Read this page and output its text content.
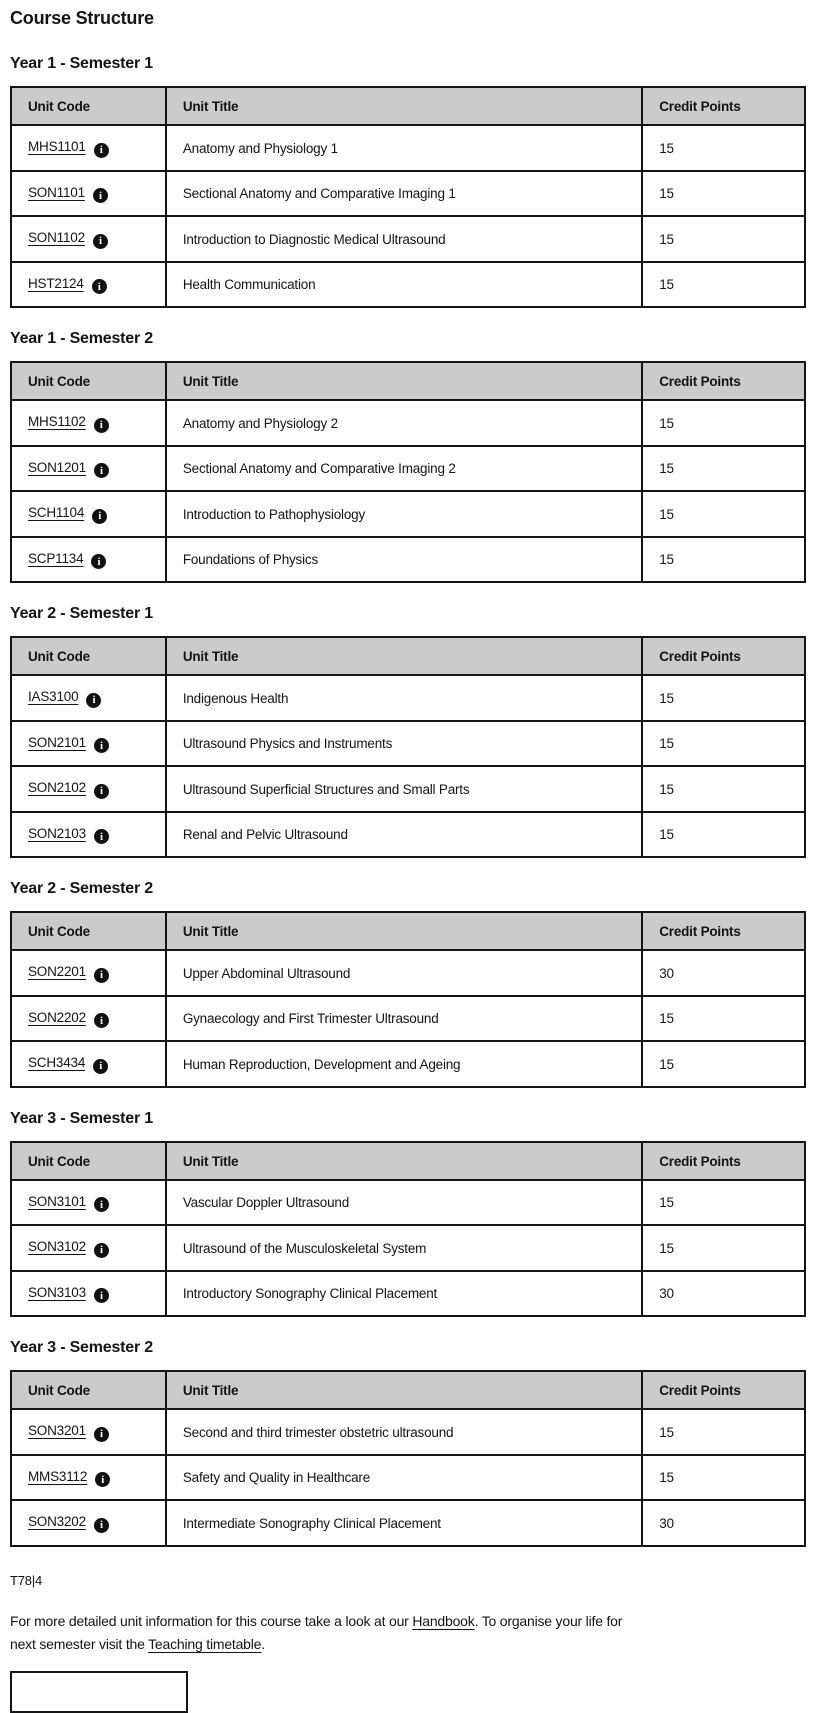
Course Structure
Year 1 - Semester 1
Unit Code	Unit Title	Credit Points
MHS1101 i	Anatomy and Physiology 1	15
SON1101 i	Sectional Anatomy and Comparative Imaging 1	15
SON1102 i	Introduction to Diagnostic Medical Ultrasound	15
HST2124 i	Health Communication	15
Year 1 - Semester 2
Unit Code	Unit Title	Credit Points
MHS1102 i	Anatomy and Physiology 2	15
SON1201 i	Sectional Anatomy and Comparative Imaging 2	15
SCH1104 i	Introduction to Pathophysiology	15
SCP1134 i	Foundations of Physics	15
Year 2 - Semester 1
Unit Code	Unit Title	Credit Points
IAS3100 i	Indigenous Health	15
SON2101 i	Ultrasound Physics and Instruments	15
SON2102 i	Ultrasound Superficial Structures and Small Parts	15
SON2103 i	Renal and Pelvic Ultrasound	15
Year 2 - Semester 2
Unit Code	Unit Title	Credit Points
SON2201 i	Upper Abdominal Ultrasound	30
SON2202 i	Gynaecology and First Trimester Ultrasound	15
SCH3434 i	Human Reproduction, Development and Ageing	15
Year 3 - Semester 1
Unit Code	Unit Title	Credit Points
SON3101 i	Vascular Doppler Ultrasound	15
SON3102 i	Ultrasound of the Musculoskeletal System	15
SON3103 i	Introductory Sonography Clinical Placement	30
Year 3 - Semester 2
Unit Code	Unit Title	Credit Points
SON3201 i	Second and third trimester obstetric ultrasound	15
MMS3112 i	Safety and Quality in Healthcare	15
SON3202 i	Intermediate Sonography Clinical Placement	30

T78|4

For more detailed unit information for this course take a look at our Handbook. To organise your life for next semester visit the Teaching timetable.
